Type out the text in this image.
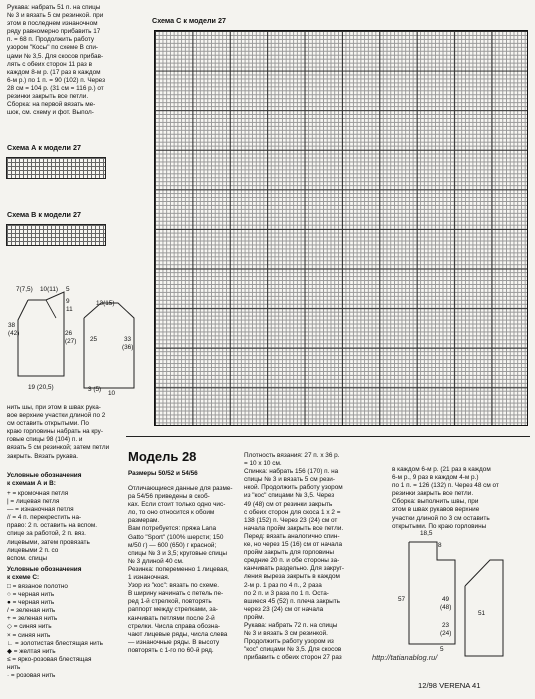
Рукава: набрать 51 п. на спицы
№ 3 и вязать 5 см резинкой. при
этом в последнем изнаночном
ряду равномерно прибавить 17
п. = 68 п. Продолжить работу
узором "Косы" по схеме В спи-
цами № 3,5. Для скосов прибав-
лять с обеих сторон 11 раз в
каждом 8-м р. (17 раз в каждом
6-м р.) по 1 п. = 90 (102) п. Через
28 см = 104 р. (31 см = 116 р.) от
резинки закрыть все петли.
Сборка: на первой вязать ме-
шок, см. схему и фот. Выпол-
Схема А к модели 27
Схема В к модели 27
7(7,5) 10(11) 5
9
11
13(15)
38
(42)	26
(27) 25	33
(36)
19 (20,5)	3 (5)
10
нить шы, при этом в швах рука-
вое верхние участки длиной по 2
см оставить открытыми. По
краю горловины набрать на кру-
говые спицы 98 (104) п. и
вязать 5 см резинкой; затем петли
закрыть. Вязать рукава.
Условные обозначения
к схемам А и В:
+ = кромочная петля
| = лицевая петля
— = изнаночная петля
// = 4 п. перекрестить на-
право: 2 п. оставить на вспом.
спице за работой, 2 п. вяз.
лицевыми, затем провязать
лицевыми 2 п. со
вспом. спицы
Условные обозначения
к схеме С:
□ = вязаное полотно
○ = черная нить
● = черная нить
/ = зеленая нить
+ = зеленая нить
◇ = синяя нить
× = синяя нить
∟ = золотистая блестящая нить
◆ = желтая нить
≤ = ярко-розовая блестящая
нить
· = розовая нить
Схема С к модели 27
Модель 28
Размеры 50/52 и 54/56
Отличающиеся данные для разме-
ра 54/56 приведены в скоб-
ках. Если стоит только одно чис-
ло, то оно относится к обоим
размерам.
Вам потребуется: пряжа Lana
Gatto "Sport" (100% шерсти; 150
м/50 г) — 600 (650) г красной;
спицы № 3 и 3,5; круговые спицы
№ 3 длиной 40 см.
Резинка: попеременно 1 лицевая,
1 изнаночная.
Узор из "кос": вязать по схеме.
В ширину начинать с петель пе-
ред 1-й стрелкой, повторять
раппорт между стрелками, за-
канчивать петлями после 2-й
стрелки. Числа справа обозна-
чают лицевые ряды, числа слева
— изнаночные ряды. В высоту
повторять с 1-го по 60-й ряд.
Плотность вязания: 27 п. х 36 р.
= 10 х 10 см.
Спинка: набрать 156 (170) п. на
спицы № 3 и вязать 5 см рези-
нкой. Продолжить работу узором
из "кос" спицами № 3,5. Через
49 (48) см от резинки закрыть
с обеих сторон для скоса 1 x 2 =
138 (152) п. Через 23 (24) см от
начала пройм закрыть все петли.
Перед: вязать аналогично спин-
ке, но через 15 (16) см от начала
пройм закрыть для горловины
средние 20 п. и обе стороны за-
канчивать раздельно. Для закруг-
ления выреза закрыть в каждом
2-м р. 1 раз по 4 п., 2 раза
по 2 п. и 3 раза по 1 п. Оста-
вшиеся 45 (52) п. плеча закрыть
через 23 (24) см от начала
пройм.
Рукава: набрать 72 п. на спицы
№ 3 и вязать 3 см резинкой.
Продолжить работу узором из
"кос" спицами № 3,5. Для скосов
прибавить с обеих сторон 27 раз
в каждом 6-м р. (21 раз в каждом
6-м р., 9 раз в каждом 4-м р.)
по 1 п. = 126 (132) п. Через 48 см от
резинки закрыть все петли.
Сборка: выполнить швы, при
этом в швах рукавов верхние
участки длиной по 3 см оставить
открытыми. По краю горловины
18,5
8
49
(48)
57
23
(24)
5
51
http://tatianablog.ru/
12/98 VERENA 41
